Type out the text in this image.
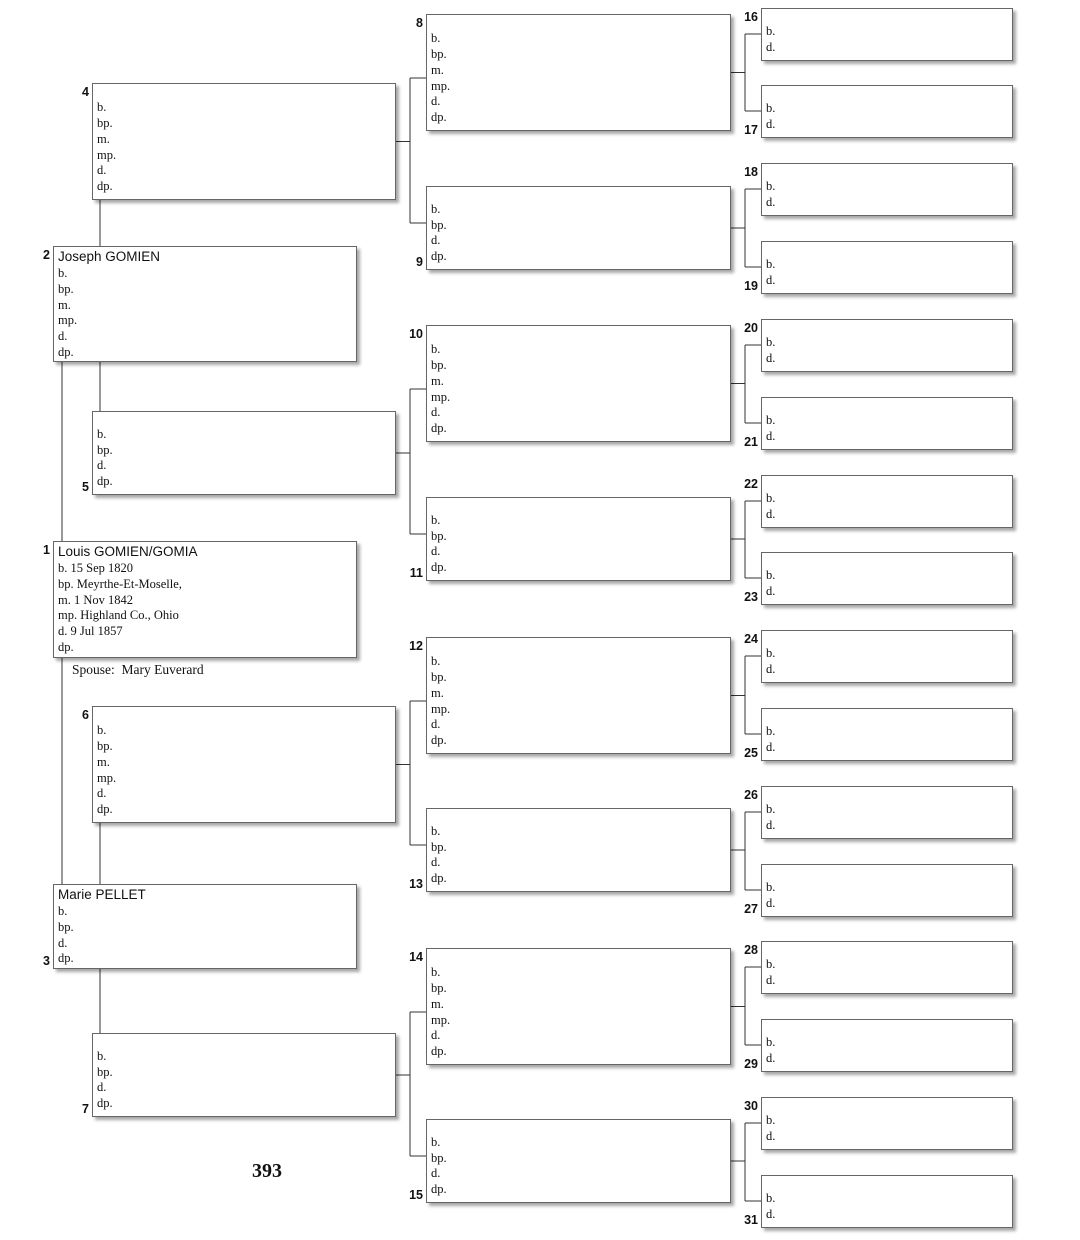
Louis GOMIEN/GOMIA
b. 15 Sep 1820
bp. Meyrthe-Et-Moselle,
m. 1 Nov 1842
mp. Highland Co., Ohio
d. 9 Jul 1857
dp.
1
Joseph GOMIEN
b.
bp.
m.
mp.
d.
dp.
2
Marie PELLET
b.
bp.
d.
dp.
3
b.
bp.
m.
mp.
d.
dp.
4
b.
bp.
d.
dp.
5
b.
bp.
m.
mp.
d.
dp.
6
b.
bp.
d.
dp.
7
b.
bp.
m.
mp.
d.
dp.
8
b.
bp.
d.
dp.
9
b.
bp.
m.
mp.
d.
dp.
10
b.
bp.
d.
dp.
11
b.
bp.
m.
mp.
d.
dp.
12
b.
bp.
d.
dp.
13
b.
bp.
m.
mp.
d.
dp.
14
b.
bp.
d.
dp.
15
b.
d.
16
b.
d.
17
b.
d.
18
b.
d.
19
b.
d.
20
b.
d.
21
b.
d.
22
b.
d.
23
b.
d.
24
b.
d.
25
b.
d.
26
b.
d.
27
b.
d.
28
b.
d.
29
b.
d.
30
b.
d.
31
Spouse: Mary Euverard
393
